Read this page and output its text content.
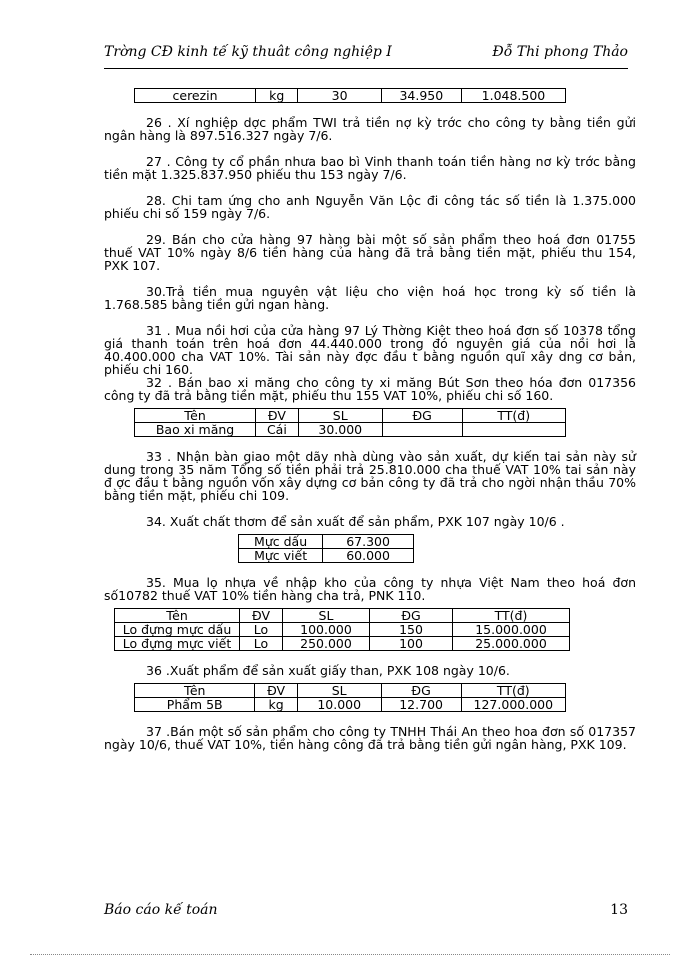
Trờng CĐ kinh tế kỹ thuât công nghiệp I	Đỗ Thi phong Thảo
cerezin	kg	30	34.950	1.048.500

26 . Xí nghiệp dợc phẩm TWI trả tiền nợ kỳ trớc cho công ty bằng tiền gửi ngân hàng là 897.516.327 ngày 7/6.

27 . Công ty cổ phần nhưa bao bì Vinh thanh toán tiền hàng nơ kỳ trớc bằng tiền mặt 1.325.837.950 phiếu thu 153 ngày 7/6.

28. Chi tam ứng cho anh Nguyễn Văn Lộc đi công tác số tiền là 1.375.000 phiếu chi số 159 ngày 7/6.

29. Bán cho cửa hàng 97 hàng bài một số sản phẩm theo hoá đơn 01755 thuế VAT 10% ngày 8/6 tiền hàng của hàng đã trả bằng tiền mặt, phiếu thu 154, PXK 107.

30.Trả tiền mua nguyên vật liệu cho viện hoá học trong kỳ số tiền là 1.768.585 bằng tiền gửi ngan hàng.

31 . Mua nồi hơi của cửa hàng 97 Lý Thờng Kiệt theo hoá đơn số 10378 tổng giá thanh toán trên hoá đơn 44.440.000 trong đó nguyên giá của nồi hơi là 40.400.000 cha VAT 10%. Tài sản này đợc đầu t bằng nguồn quĩ xây dng cơ bản, phiếu chi 160.

32 . Bán bao xi măng cho công ty xi măng Bút Sơn theo hóa đơn 017356 công ty đã trả bằng tiền mặt, phiếu thu 155 VAT 10%, phiếu chi số 160.

Tên	ĐV	SL	ĐG	TT(đ)
Bao xi măng	Cái	30.000		

33 . Nhận bàn giao một dãy nhà dùng vào sản xuất, dự kiến tai sản này sử dung trong 35 năm Tổng số tiền phải trả 25.810.000 cha thuế VAT 10% tai sản này đ ợc đầu t bằng nguồn vốn xây dựng cơ bản công ty đã trả cho ngời nhận thầu 70% bằng tiền mặt, phiếu chi 109.

34. Xuất chất thơm để sản xuất để sản phẩm, PXK 107 ngày 10/6 .

Mực dấu	67.300
Mực viết	60.000

35. Mua lọ nhựa về nhập kho của công ty nhựa Việt Nam theo hoá đơn số10782 thuế VAT 10% tiền hàng cha trả, PNK 110.

Tên	ĐV	SL	ĐG	TT(đ)
Lo đựng mực dấu	Lo	100.000	150	15.000.000
Lo đựng mực viết	Lo	250.000	100	25.000.000

36 .Xuất phẩm để sản xuất giấy than, PXK 108 ngày 10/6.

Tên	ĐV	SL	ĐG	TT(đ)
Phẩm 5B	kg	10.000	12.700	127.000.000

37 .Bán một số sản phẩm cho công ty TNHH Thái An theo hoa đơn số 017357 ngày 10/6, thuế VAT 10%, tiền hàng công đã trả bằng tiền gửi ngân hàng, PXK 109.

Báo cáo kế toán	13
